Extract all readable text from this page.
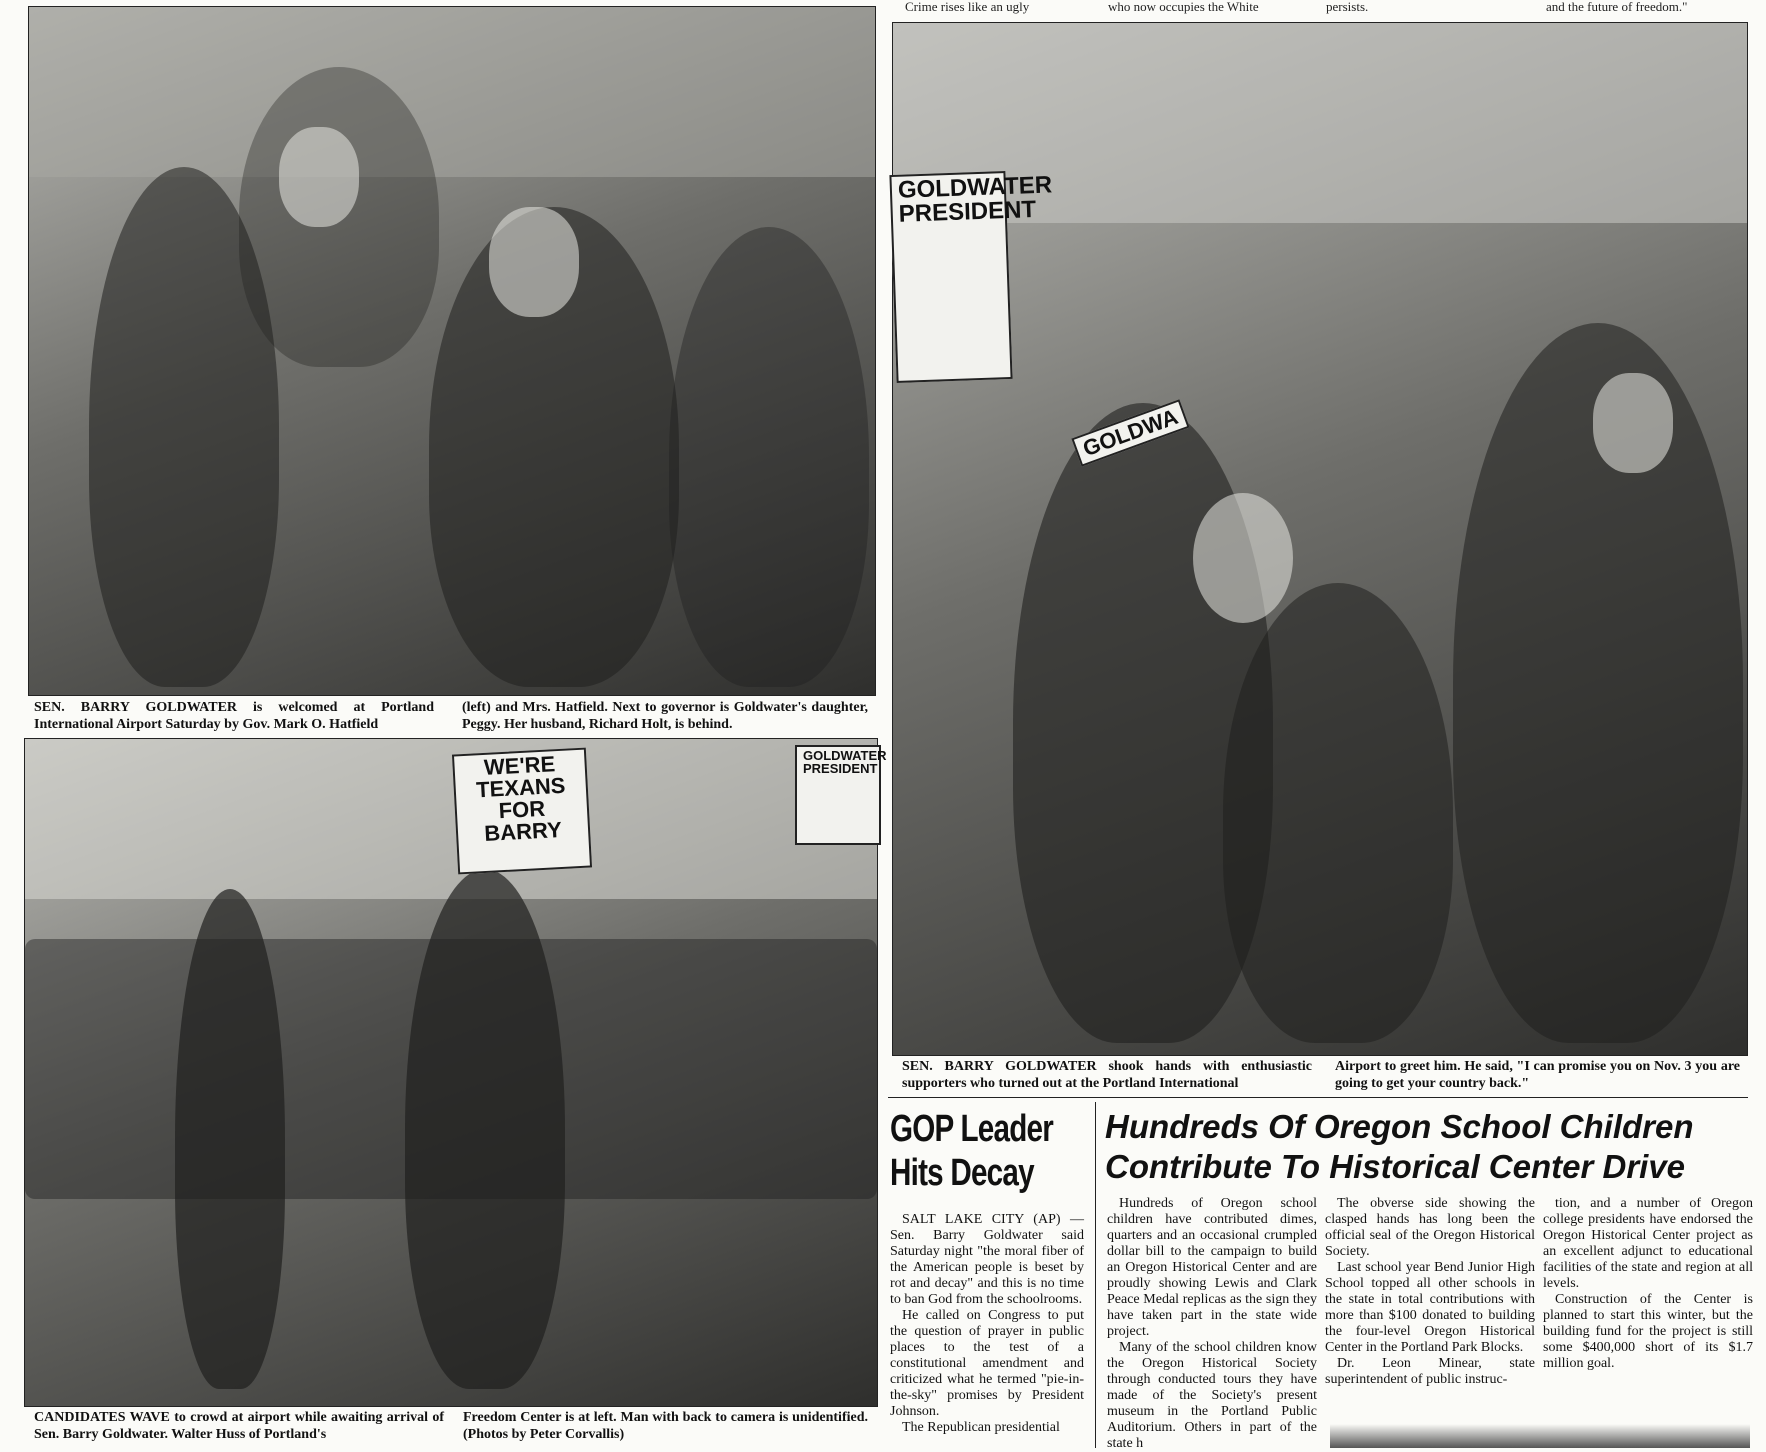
Crime rises like an ugly	who now occupies the White	persists.	and the future of freedom."
SEN. BARRY GOLDWATER is welcomed at Portland International Airport Saturday by Gov. Mark O. Hatfield
(left) and Mrs. Hatfield. Next to governor is Goldwater's daughter, Peggy. Her husband, Richard Holt, is behind.
WE'RE TEXANS FOR BARRY
GOLDWATER PRESIDENT
CANDIDATES WAVE to crowd at airport while awaiting arrival of Sen. Barry Goldwater. Walter Huss of Portland's
Freedom Center is at left. Man with back to camera is unidentified. (Photos by Peter Corvallis)
GOLDWATER PRESIDENT
GOLDWA
SEN. BARRY GOLDWATER shook hands with enthusiastic supporters who turned out at the Portland International
Airport to greet him. He said, "I can promise you on Nov. 3 you are going to get your country back."
GOP Leader
Hits Decay

SALT LAKE CITY (AP) — Sen. Barry Goldwater said Saturday night "the moral fiber of the American people is beset by rot and decay" and this is no time to ban God from the schoolrooms.

He called on Congress to put the question of prayer in public places to the test of a constitutional amendment and criticized what he termed "pie-in-the-sky" promises by President Johnson.

The Republican presidential

Hundreds Of Oregon School Children
Contribute To Historical Center Drive

Hundreds of Oregon school children have contributed dimes, quarters and an occasional crumpled dollar bill to the campaign to build an Oregon Historical Center and are proudly showing Lewis and Clark Peace Medal replicas as the sign they have taken part in the state wide project.

Many of the school children know the Oregon Historical Society through conducted tours they have made of the Society's present museum in the Portland Public Auditorium. Others in part of the state h

The obverse side showing the clasped hands has long been the official seal of the Oregon Historical Society.

Last school year Bend Junior High School topped all other schools in the state in total contributions with more than $100 donated to building the four-level Oregon Historical Center in the Portland Park Blocks.

Dr. Leon Minear, state superintendent of public instruc-

tion, and a number of Oregon college presidents have endorsed the Oregon Historical Center project as an excellent adjunct to educational facilities of the state and region at all levels.

Construction of the Center is planned to start this winter, but the building fund for the project is still some $400,000 short of its $1.7 million goal.
